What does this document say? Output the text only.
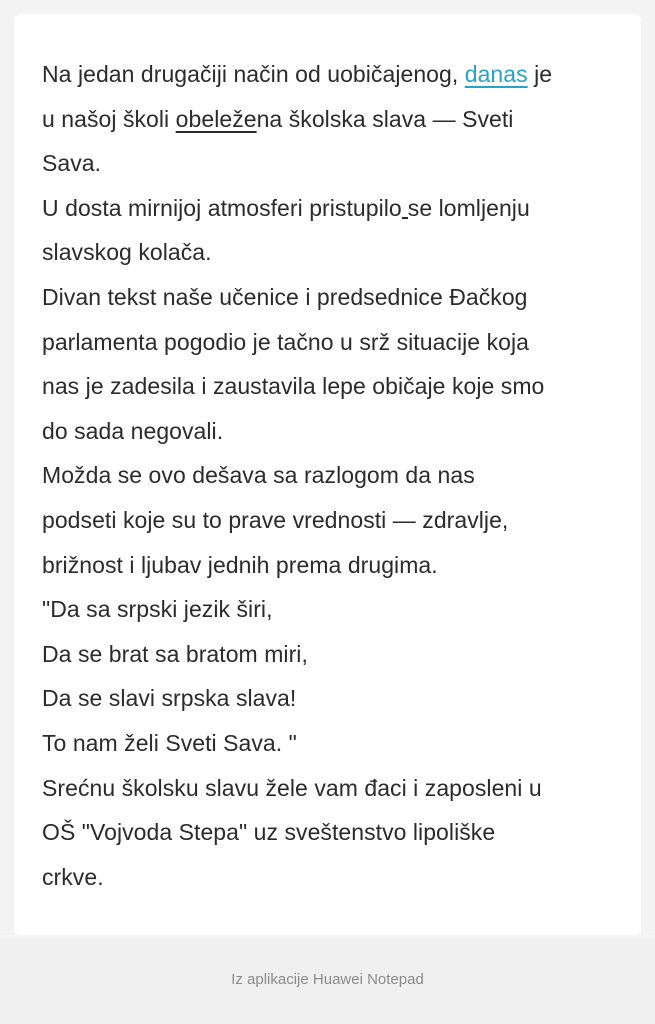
Na jedan drugačiji način od uobičajenog, danas je
u našoj školi obeležena školska slava — Sveti
Sava.
U dosta mirnijoj atmosferi pristupilo se lomljenju
slavskog kolača.
Divan tekst naše učenice i predsednice Đačkog
parlamenta pogodio je tačno u srž situacije koja
nas je zadesila i zaustavila lepe običaje koje smo
do sada negovali.
Možda se ovo dešava sa razlogom da nas
podseti koje su to prave vrednosti — zdravlje,
brižnost i ljubav jednih prema drugima.
"Da sa srpski jezik širi,
Da se brat sa bratom miri,
Da se slavi srpska slava!
To nam želi Sveti Sava. "
Srećnu školsku slavu žele vam đaci i zaposleni u
OŠ "Vojvoda Stepa" uz sveštenstvo lipoliške
crkve.
Iz aplikacije Huawei Notepad
